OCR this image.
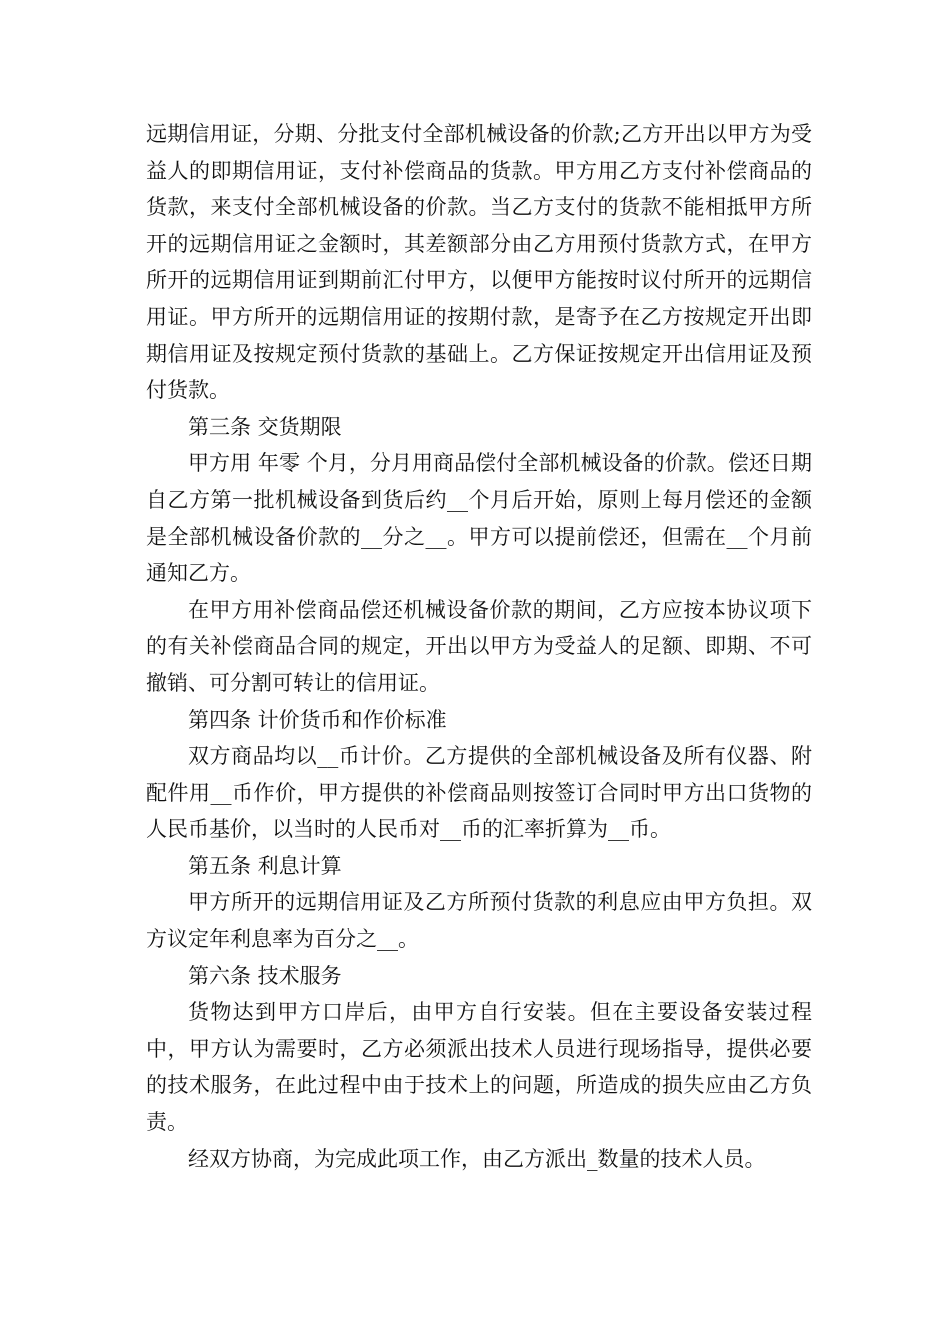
远期信用证，分期、分批支付全部机械设备的价款;乙方开出以甲方为受益人的即期信用证，支付补偿商品的货款。甲方用乙方支付补偿商品的货款，来支付全部机械设备的价款。当乙方支付的货款不能相抵甲方所开的远期信用证之金额时，其差额部分由乙方用预付货款方式，在甲方所开的远期信用证到期前汇付甲方，以便甲方能按时议付所开的远期信用证。甲方所开的远期信用证的按期付款，是寄予在乙方按规定开出即期信用证及按规定预付货款的基础上。乙方保证按规定开出信用证及预付货款。

第三条 交货期限

甲方用 年零 个月，分月用商品偿付全部机械设备的价款。偿还日期自乙方第一批机械设备到货后约__个月后开始，原则上每月偿还的金额是全部机械设备价款的__分之__。甲方可以提前偿还，但需在__个月前通知乙方。

在甲方用补偿商品偿还机械设备价款的期间，乙方应按本协议项下的有关补偿商品合同的规定，开出以甲方为受益人的足额、即期、不可撤销、可分割可转让的信用证。

第四条 计价货币和作价标准

双方商品均以__币计价。乙方提供的全部机械设备及所有仪器、附配件用__币作价，甲方提供的补偿商品则按签订合同时甲方出口货物的人民币基价，以当时的人民币对__币的汇率折算为__币。

第五条 利息计算

甲方所开的远期信用证及乙方所预付货款的利息应由甲方负担。双方议定年利息率为百分之__。

第六条 技术服务

货物达到甲方口岸后，由甲方自行安装。但在主要设备安装过程中，甲方认为需要时，乙方必须派出技术人员进行现场指导，提供必要的技术服务，在此过程中由于技术上的问题，所造成的损失应由乙方负责。

经双方协商，为完成此项工作，由乙方派出_数量的技术人员。
